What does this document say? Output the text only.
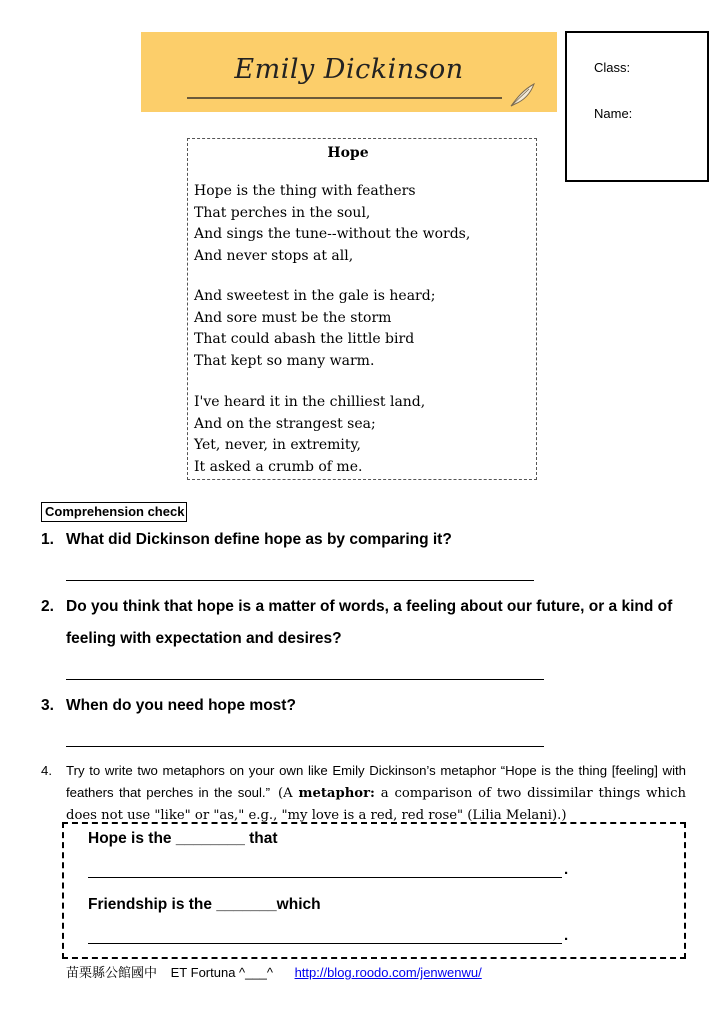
Emily Dickinson	Class:
Name:
Hope
Hope is the thing with feathers
That perches in the soul,
And sings the tune--without the words,
And never stops at all,
And sweetest in the gale is heard;
And sore must be the storm
That could abash the little bird
That kept so many warm.
I've heard it in the chilliest land,
And on the strangest sea;
Yet, never, in extremity,
It asked a crumb of me.
Comprehension check
1. What did Dickinson define hope as by comparing it?
2. Do you think that hope is a matter of words, a feeling about our future, or a kind of
feeling with expectation and desires?
3. When do you need hope most?
4. Try to write two metaphors on your own like Emily Dickinson’s metaphor “Hope is the thing [feeling] with feathers that perches in the soul.” (A metaphor: a comparison of two dissimilar things which does not use "like" or "as," e.g., "my love is a red, red rose" (Lilia Melani).)
Hope is the ________ that
.
Friendship is the _______which
.
苗栗縣公館國中 ET Fortuna ^___^ http://blog.roodo.com/jenwenwu/
